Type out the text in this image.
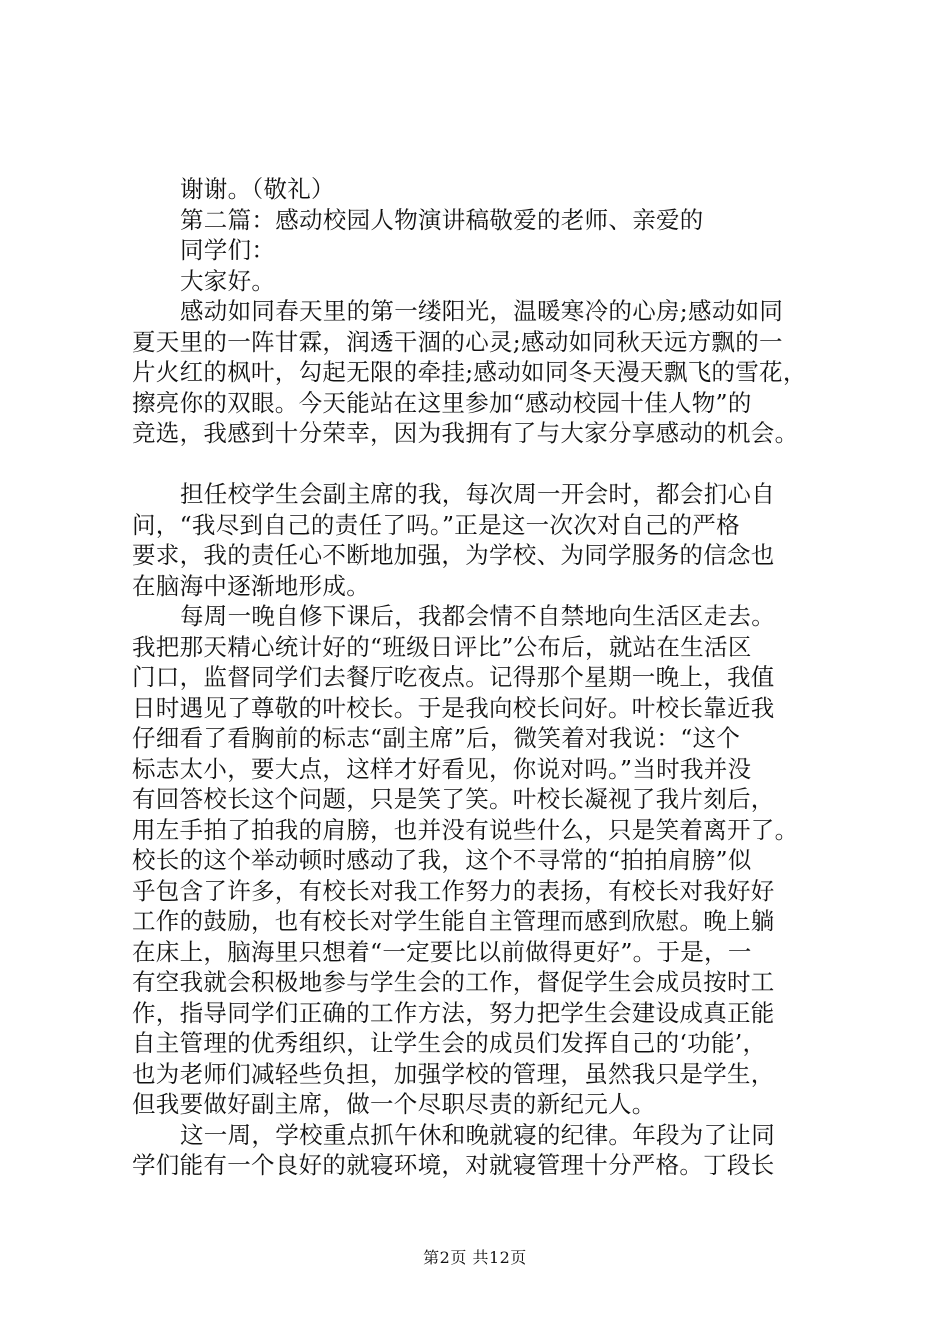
谢谢。（敬礼）
第二篇：感动校园人物演讲稿敬爱的老师、亲爱的
同学们：
大家好。
感动如同春天里的第一缕阳光，温暖寒冷的心房;感动如同
夏天里的一阵甘霖，润透干涸的心灵;感动如同秋天远方飘的一
片火红的枫叶，勾起无限的牵挂;感动如同冬天漫天飘飞的雪花，
擦亮你的双眼。今天能站在这里参加“感动校园十佳人物”的
竞选，我感到十分荣幸，因为我拥有了与大家分享感动的机会。
担任校学生会副主席的我，每次周一开会时，都会扪心自
问，“我尽到自己的责任了吗。”正是这一次次对自己的严格
要求，我的责任心不断地加强，为学校、为同学服务的信念也
在脑海中逐渐地形成。
每周一晚自修下课后，我都会情不自禁地向生活区走去。
我把那天精心统计好的“班级日评比”公布后，就站在生活区
门口，监督同学们去餐厅吃夜点。记得那个星期一晚上，我值
日时遇见了尊敬的叶校长。于是我向校长问好。叶校长靠近我
仔细看了看胸前的标志“副主席”后，微笑着对我说：“这个
标志太小，要大点，这样才好看见，你说对吗。”当时我并没
有回答校长这个问题，只是笑了笑。叶校长凝视了我片刻后，
用左手拍了拍我的肩膀，也并没有说些什么，只是笑着离开了。
校长的这个举动顿时感动了我，这个不寻常的“拍拍肩膀”似
乎包含了许多，有校长对我工作努力的表扬，有校长对我好好
工作的鼓励，也有校长对学生能自主管理而感到欣慰。晚上躺
在床上，脑海里只想着“一定要比以前做得更好”。于是，一
有空我就会积极地参与学生会的工作，督促学生会成员按时工
作，指导同学们正确的工作方法，努力把学生会建设成真正能
自主管理的优秀组织，让学生会的成员们发挥自己的‘功能’，
也为老师们减轻些负担，加强学校的管理，虽然我只是学生，
但我要做好副主席，做一个尽职尽责的新纪元人。
这一周，学校重点抓午休和晚就寝的纪律。年段为了让同
学们能有一个良好的就寝环境，对就寝管理十分严格。丁段长
第2页 共12页
